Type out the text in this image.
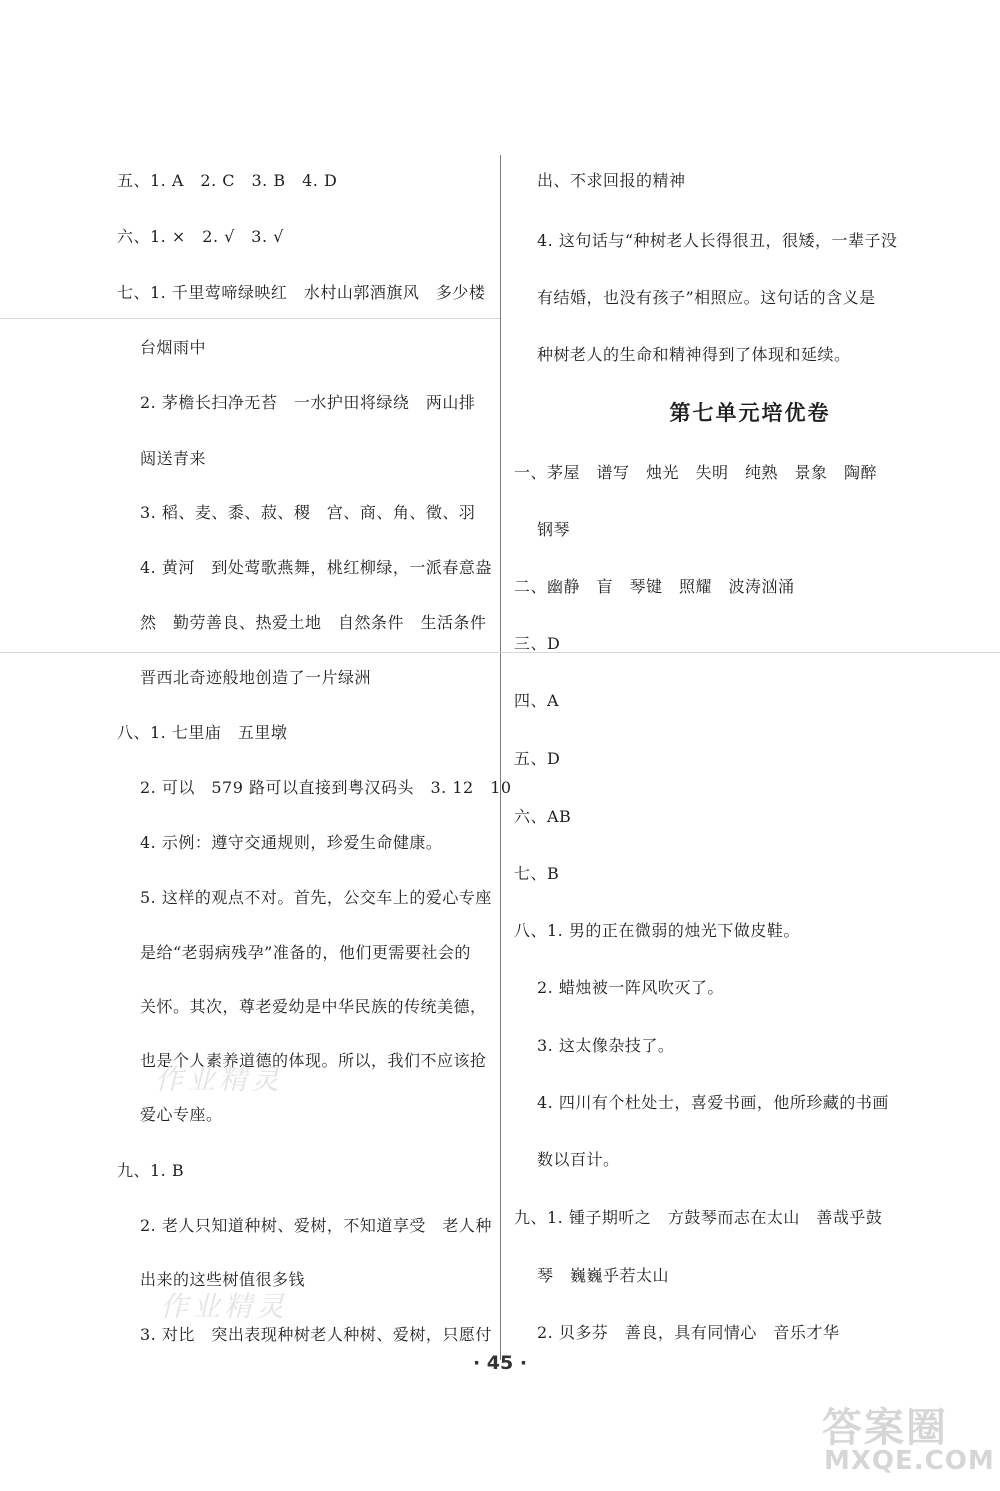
五、1. A　2. C　3. B　4. D
六、1. ×　2. √　3. √
七、1. 千里莺啼绿映红　水村山郭酒旗风　多少楼
台烟雨中
2. 茅檐长扫净无苔　一水护田将绿绕　两山排
闼送青来
3. 稻、麦、黍、菽、稷　宫、商、角、徵、羽
4. 黄河　到处莺歌燕舞，桃红柳绿，一派春意盎
然　勤劳善良、热爱土地　自然条件　生活条件
晋西北奇迹般地创造了一片绿洲
八、1. 七里庙　五里墩
2. 可以　579 路可以直接到粤汉码头　3. 12　10
4. 示例：遵守交通规则，珍爱生命健康。
5. 这样的观点不对。首先，公交车上的爱心专座
是给“老弱病残孕”准备的，他们更需要社会的
关怀。其次，尊老爱幼是中华民族的传统美德，
也是个人素养道德的体现。所以，我们不应该抢
爱心专座。
九、1. B
2. 老人只知道种树、爱树，不知道享受　老人种
出来的这些树值很多钱
3. 对比　突出表现种树老人种树、爱树，只愿付
出、不求回报的精神
4. 这句话与“种树老人长得很丑，很矮，一辈子没
有结婚，也没有孩子”相照应。这句话的含义是
种树老人的生命和精神得到了体现和延续。
第七单元培优卷
一、茅屋　谱写　烛光　失明　纯熟　景象　陶醉
钢琴
二、幽静　盲　琴键　照耀　波涛汹涌
三、D
四、A
五、D
六、AB
七、B
八、1. 男的正在微弱的烛光下做皮鞋。
2. 蜡烛被一阵风吹灭了。
3. 这太像杂技了。
4. 四川有个杜处士，喜爱书画，他所珍藏的书画
数以百计。
九、1. 锺子期听之　方鼓琴而志在太山　善哉乎鼓
琴　巍巍乎若太山
2. 贝多芬　善良，具有同情心　音乐才华
· 45 ·
作业精灵
作业精灵
答案圈
MXQE.COM
